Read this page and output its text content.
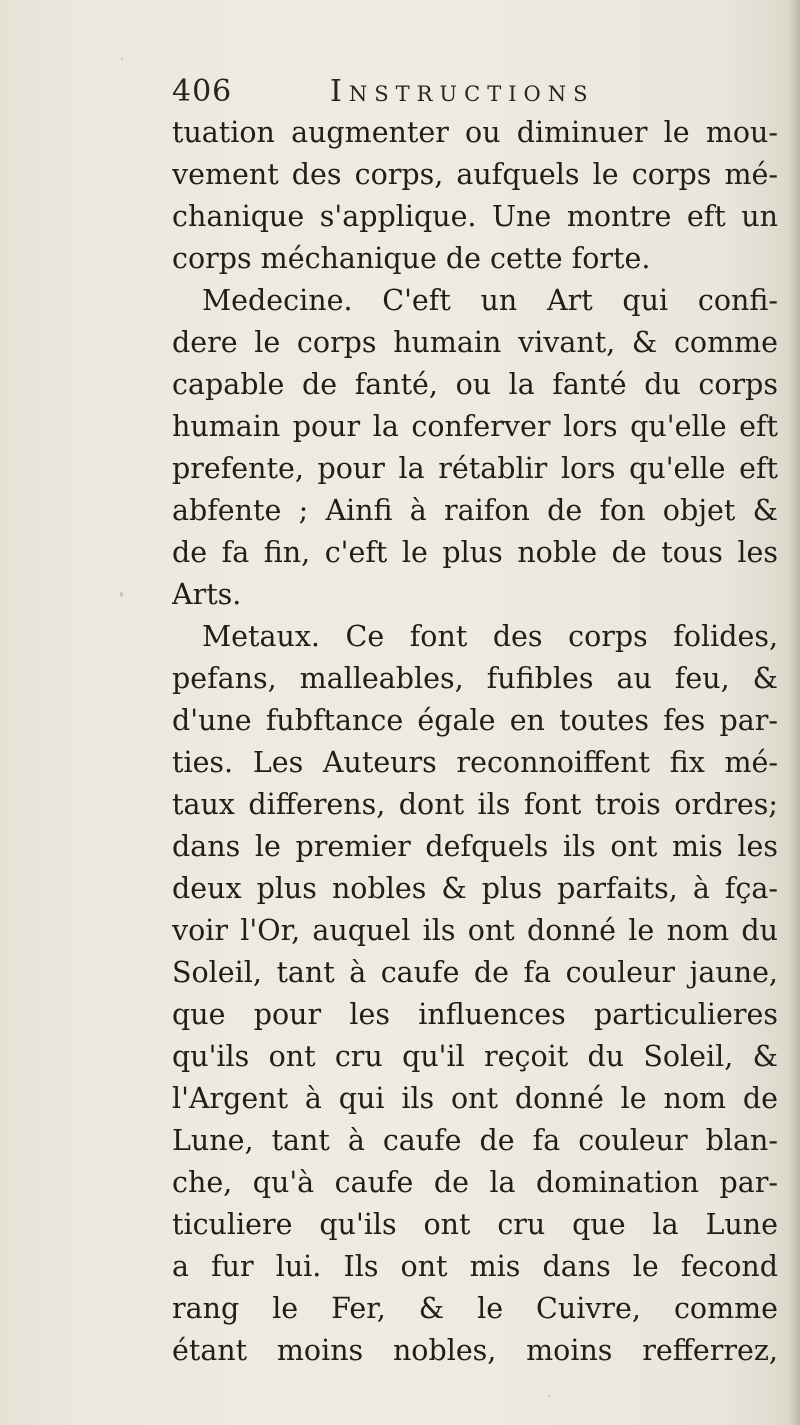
406	Instructions
tuation augmenter ou diminuer le mou-
vement des corps, aufquels le corps mé-
chanique s'applique. Une montre eft un
corps méchanique de cette forte.
Medecine. C'eft un Art qui confi-
dere le corps humain vivant, & comme
capable de fanté, ou la fanté du corps
humain pour la conferver lors qu'elle eft
prefente, pour la rétablir lors qu'elle eft
abfente ; Ainfi à raifon de fon objet &
de fa fin, c'eft le plus noble de tous les
Arts.
Metaux. Ce font des corps folides,
pefans, malleables, fufibles au feu, &
d'une fubftance égale en toutes fes par-
ties. Les Auteurs reconnoiffent fix mé-
taux differens, dont ils font trois ordres;
dans le premier defquels ils ont mis les
deux plus nobles & plus parfaits, à fça-
voir l'Or, auquel ils ont donné le nom du
Soleil, tant à caufe de fa couleur jaune,
que pour les influences particulieres
qu'ils ont cru qu'il reçoit du Soleil, &
l'Argent à qui ils ont donné le nom de
Lune, tant à caufe de fa couleur blan-
che, qu'à caufe de la domination par-
ticuliere qu'ils ont cru que la Lune
a fur lui. Ils ont mis dans le fecond
rang le Fer, & le Cuivre, comme
étant moins nobles, moins refferrez,
